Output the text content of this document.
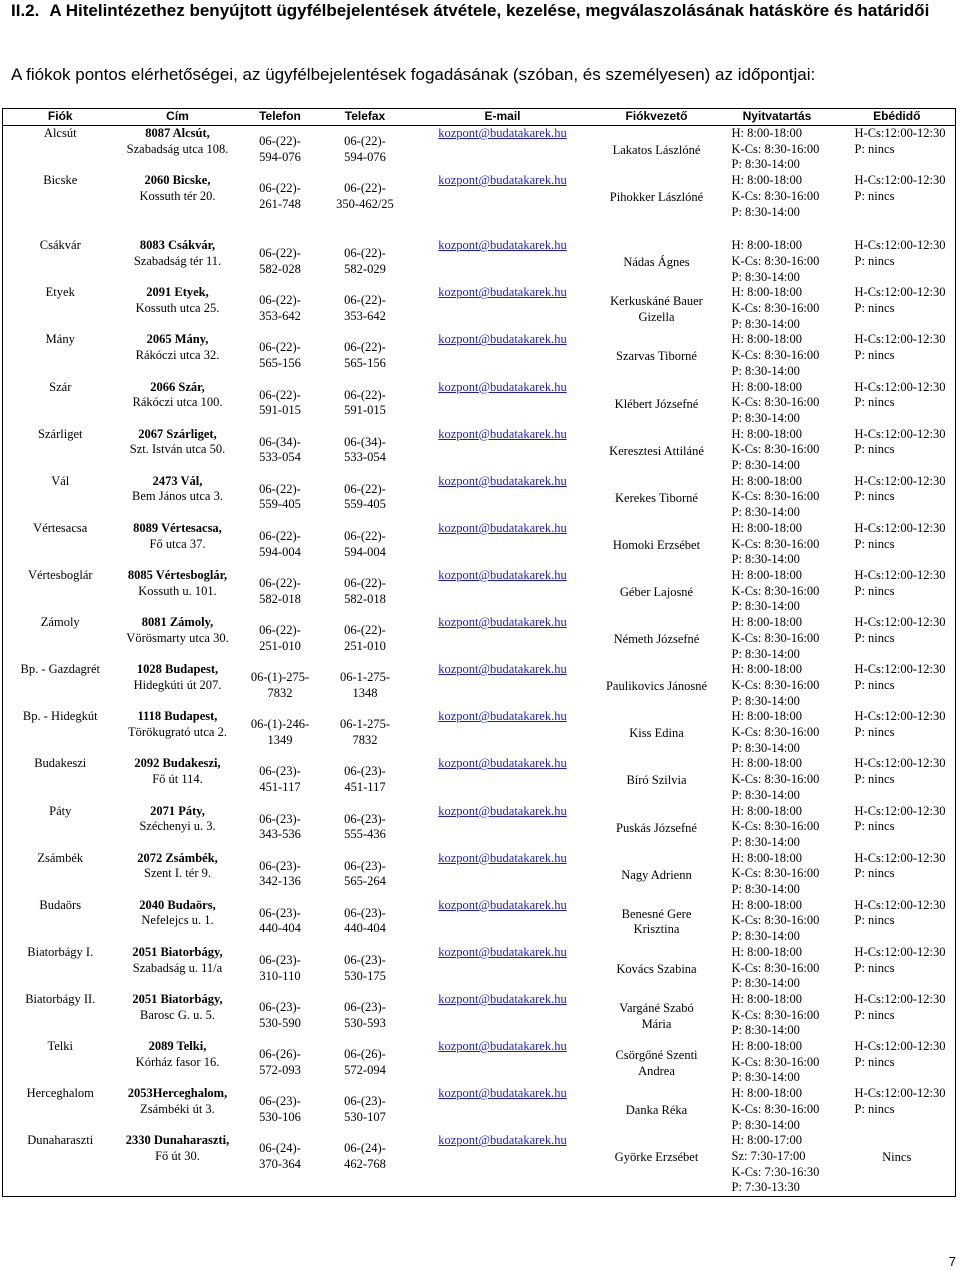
II.2. A Hitelintézethez benyújtott ügyfélbejelentések átvétele, kezelése, megválaszolásának hatásköre és határidői
A fiókok pontos elérhetőségei, az ügyfélbejelentések fogadásának (szóban, és személyesen) az időpontjai:
Fiók	Cím	Telefon	Telefax	E-mail	Fiókvezető	Nyitvatartás	Ebédidő
Alcsút	8087 Alcsút,
Szabadság utca 108.	06-(22)-
594-076	06-(22)-
594-076	kozpont@budatakarek.hu	Lakatos Lászlóné	H: 8:00-18:00
K-Cs: 8:30-16:00
P: 8:30-14:00	H-Cs:12:00-12:30
P: nincs
Bicske	2060 Bicske,
Kossuth tér 20.	06-(22)-
261-748	06-(22)-
350-462/25	kozpont@budatakarek.hu	Pihokker Lászlóné	H: 8:00-18:00
K-Cs: 8:30-16:00
P: 8:30-14:00	H-Cs:12:00-12:30
P: nincs

Csákvár	8083 Csákvár,
Szabadság tér 11.	06-(22)-
582-028	06-(22)-
582-029	kozpont@budatakarek.hu	Nádas Ágnes	H: 8:00-18:00
K-Cs: 8:30-16:00
P: 8:30-14:00	H-Cs:12:00-12:30
P: nincs
Etyek	2091 Etyek,
Kossuth utca 25.	06-(22)-
353-642	06-(22)-
353-642	kozpont@budatakarek.hu	Kerkuskáné Bauer
Gizella	H: 8:00-18:00
K-Cs: 8:30-16:00
P: 8:30-14:00	H-Cs:12:00-12:30
P: nincs
Mány	2065 Mány,
Rákóczi utca 32.	06-(22)-
565-156	06-(22)-
565-156	kozpont@budatakarek.hu	Szarvas Tiborné	H: 8:00-18:00
K-Cs: 8:30-16:00
P: 8:30-14:00	H-Cs:12:00-12:30
P: nincs
Szár	2066 Szár,
Rákóczi utca 100.	06-(22)-
591-015	06-(22)-
591-015	kozpont@budatakarek.hu	Klébert Józsefné	H: 8:00-18:00
K-Cs: 8:30-16:00
P: 8:30-14:00	H-Cs:12:00-12:30
P: nincs
Szárliget	2067 Szárliget,
Szt. István utca 50.	06-(34)-
533-054	06-(34)-
533-054	kozpont@budatakarek.hu	Keresztesi Attiláné	H: 8:00-18:00
K-Cs: 8:30-16:00
P: 8:30-14:00	H-Cs:12:00-12:30
P: nincs
Vál	2473 Vál,
Bem János utca 3.	06-(22)-
559-405	06-(22)-
559-405	kozpont@budatakarek.hu	Kerekes Tiborné	H: 8:00-18:00
K-Cs: 8:30-16:00
P: 8:30-14:00	H-Cs:12:00-12:30
P: nincs
Vértesacsa	8089 Vértesacsa,
Fő utca 37.	06-(22)-
594-004	06-(22)-
594-004	kozpont@budatakarek.hu	Homoki Erzsébet	H: 8:00-18:00
K-Cs: 8:30-16:00
P: 8:30-14:00	H-Cs:12:00-12:30
P: nincs
Vértesboglár	8085 Vértesboglár,
Kossuth u. 101.	06-(22)-
582-018	06-(22)-
582-018	kozpont@budatakarek.hu	Géber Lajosné	H: 8:00-18:00
K-Cs: 8:30-16:00
P: 8:30-14:00	H-Cs:12:00-12:30
P: nincs
Zámoly	8081 Zámoly,
Vörösmarty utca 30.	06-(22)-
251-010	06-(22)-
251-010	kozpont@budatakarek.hu	Németh Józsefné	H: 8:00-18:00
K-Cs: 8:30-16:00
P: 8:30-14:00	H-Cs:12:00-12:30
P: nincs
Bp. - Gazdagrét	1028 Budapest,
Hidegkúti út 207.	06-(1)-275-
7832	06-1-275-
1348	kozpont@budatakarek.hu	Paulikovics Jánosné	H: 8:00-18:00
K-Cs: 8:30-16:00
P: 8:30-14:00	H-Cs:12:00-12:30
P: nincs
Bp. - Hidegkút	1118 Budapest,
Törökugrató utca 2.	06-(1)-246-
1349	06-1-275-
7832	kozpont@budatakarek.hu	Kiss Edina	H: 8:00-18:00
K-Cs: 8:30-16:00
P: 8:30-14:00	H-Cs:12:00-12:30
P: nincs
Budakeszi	2092 Budakeszi,
Fő út 114.	06-(23)-
451-117	06-(23)-
451-117	kozpont@budatakarek.hu	Bíró Szilvia	H: 8:00-18:00
K-Cs: 8:30-16:00
P: 8:30-14:00	H-Cs:12:00-12:30
P: nincs
Páty	2071 Páty,
Széchenyi u. 3.	06-(23)-
343-536	06-(23)-
555-436	kozpont@budatakarek.hu	Puskás Józsefné	H: 8:00-18:00
K-Cs: 8:30-16:00
P: 8:30-14:00	H-Cs:12:00-12:30
P: nincs
Zsámbék	2072 Zsámbék,
Szent I. tér 9.	06-(23)-
342-136	06-(23)-
565-264	kozpont@budatakarek.hu	Nagy Adrienn	H: 8:00-18:00
K-Cs: 8:30-16:00
P: 8:30-14:00	H-Cs:12:00-12:30
P: nincs
Budaörs	2040 Budaörs,
Nefelejcs u. 1.	06-(23)-
440-404	06-(23)-
440-404	kozpont@budatakarek.hu	Benesné Gere
Krisztina	H: 8:00-18:00
K-Cs: 8:30-16:00
P: 8:30-14:00	H-Cs:12:00-12:30
P: nincs
Biatorbágy I.	2051 Biatorbágy,
Szabadság u. 11/a	06-(23)-
310-110	06-(23)-
530-175	kozpont@budatakarek.hu	Kovács Szabina	H: 8:00-18:00
K-Cs: 8:30-16:00
P: 8:30-14:00	H-Cs:12:00-12:30
P: nincs
Biatorbágy II.	2051 Biatorbágy,
Barosс G. u. 5.	06-(23)-
530-590	06-(23)-
530-593	kozpont@budatakarek.hu	Vargáné Szabó
Mária	H: 8:00-18:00
K-Cs: 8:30-16:00
P: 8:30-14:00	H-Cs:12:00-12:30
P: nincs
Telki	2089 Telki,
Kórház fasor 16.	06-(26)-
572-093	06-(26)-
572-094	kozpont@budatakarek.hu	Csörgőné Szenti
Andrea	H: 8:00-18:00
K-Cs: 8:30-16:00
P: 8:30-14:00	H-Cs:12:00-12:30
P: nincs
Herceghalom	2053Herceghalom,
Zsámbéki út 3.	06-(23)-
530-106	06-(23)-
530-107	kozpont@budatakarek.hu	Danka Réka	H: 8:00-18:00
K-Cs: 8:30-16:00
P: 8:30-14:00	H-Cs:12:00-12:30
P: nincs
Dunaharaszti	2330 Dunaharaszti,
Fő út 30.	06-(24)-
370-364	06-(24)-
462-768	kozpont@budatakarek.hu	Györke Erzsébet	H: 8:00-17:00
Sz: 7:30-17:00
K-Cs: 7:30-16:30
P: 7:30-13:30	Nincs
7
